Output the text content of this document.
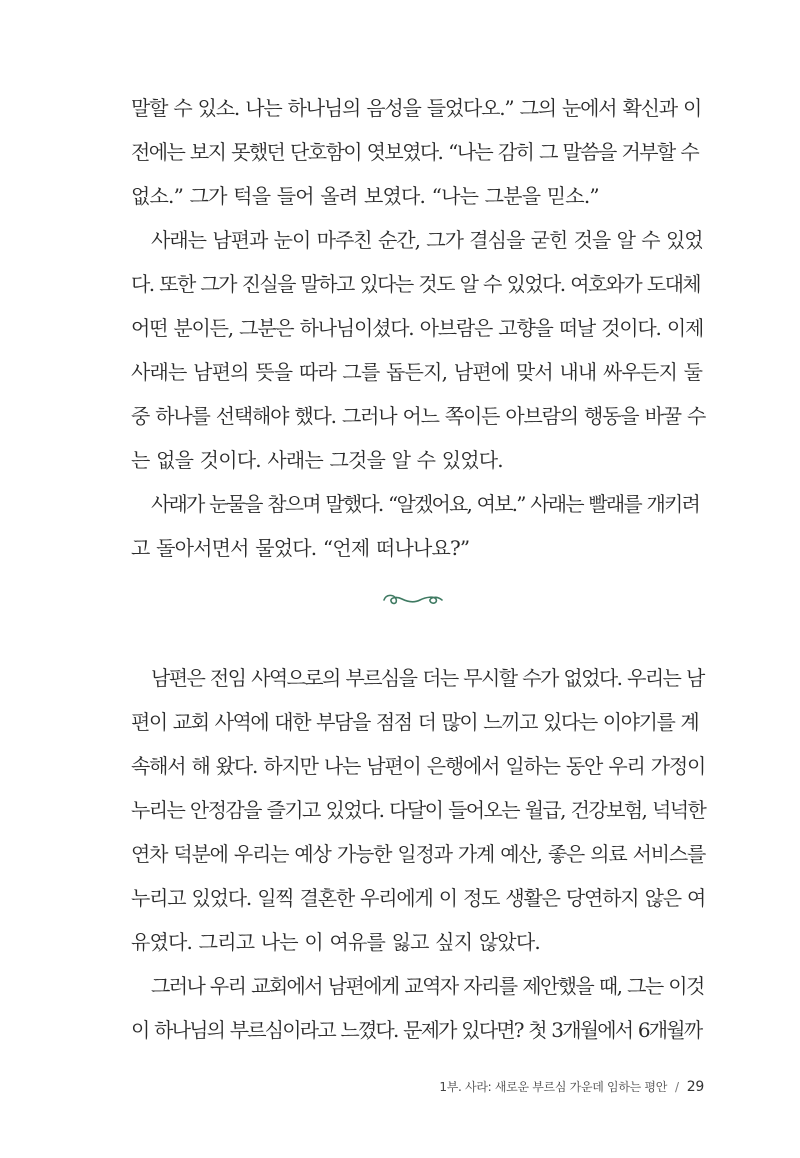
말할 수 있소. 나는 하나님의 음성을 들었다오.” 그의 눈에서 확신과 이
전에는 보지 못했던 단호함이 엿보였다. “나는 감히 그 말씀을 거부할 수
없소.” 그가 턱을 들어 올려 보였다. “나는 그분을 믿소.”
사래는 남편과 눈이 마주친 순간, 그가 결심을 굳힌 것을 알 수 있었
다. 또한 그가 진실을 말하고 있다는 것도 알 수 있었다. 여호와가 도대체
어떤 분이든, 그분은 하나님이셨다. 아브람은 고향을 떠날 것이다. 이제
사래는 남편의 뜻을 따라 그를 돕든지, 남편에 맞서 내내 싸우든지 둘
중 하나를 선택해야 했다. 그러나 어느 쪽이든 아브람의 행동을 바꿀 수
는 없을 것이다. 사래는 그것을 알 수 있었다.
사래가 눈물을 참으며 말했다. “알겠어요, 여보.” 사래는 빨래를 개키려
고 돌아서면서 물었다. “언제 떠나나요?”
남편은 전임 사역으로의 부르심을 더는 무시할 수가 없었다. 우리는 남
편이 교회 사역에 대한 부담을 점점 더 많이 느끼고 있다는 이야기를 계
속해서 해 왔다. 하지만 나는 남편이 은행에서 일하는 동안 우리 가정이
누리는 안정감을 즐기고 있었다. 다달이 들어오는 월급, 건강보험, 넉넉한
연차 덕분에 우리는 예상 가능한 일정과 가계 예산, 좋은 의료 서비스를
누리고 있었다. 일찍 결혼한 우리에게 이 정도 생활은 당연하지 않은 여
유였다. 그리고 나는 이 여유를 잃고 싶지 않았다.
그러나 우리 교회에서 남편에게 교역자 자리를 제안했을 때, 그는 이것
이 하나님의 부르심이라고 느꼈다. 문제가 있다면? 첫 3개월에서 6개월까
1부. 사라: 새로운 부르심 가운데 임하는 평안 / 29
